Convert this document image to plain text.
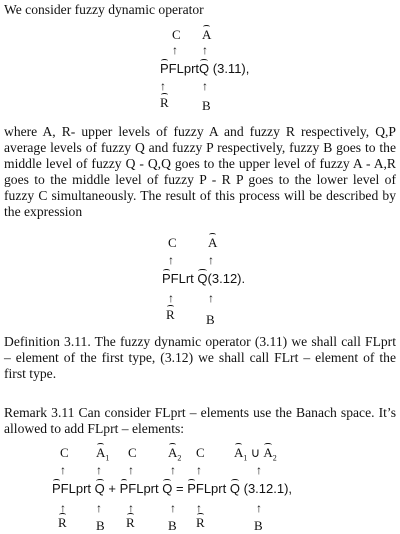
We consider fuzzy dynamic operator
C A
↑ ↑
PFLprtQ (3.11),
↑	↑
R	B
where A, R- upper levels of fuzzy A and fuzzy R respectively, Q,P average levels of fuzzy Q and fuzzy P respectively, fuzzy B goes to the middle level of fuzzy Q - Q,Q goes to the upper level of fuzzy A - A,R goes to the middle level of fuzzy P - R P goes to the lower level of fuzzy C simultaneously. The result of this process will be described by the expression
C A
↑	↑
PFLrt Q(3.12).
↑	↑
R B
Definition 3.11. The fuzzy dynamic operator (3.11) we shall call FLprt – element of the first type, (3.12) we shall call FLrt – element of the first type.
Remark 3.11 Can consider FLprt – elements use the Banach space. It’s allowed to add FLprt – elements:
C $A_1$ C $A_2$ C $A_1$ ∪ $A_2$
↑	↑ ↑	↑ ↑	↑
PFLprt Q + PFLprt Q = PFLprt Q (3.12.1),
↑	↑ ↑	↑ ↑	↑
R B R	B R	B
